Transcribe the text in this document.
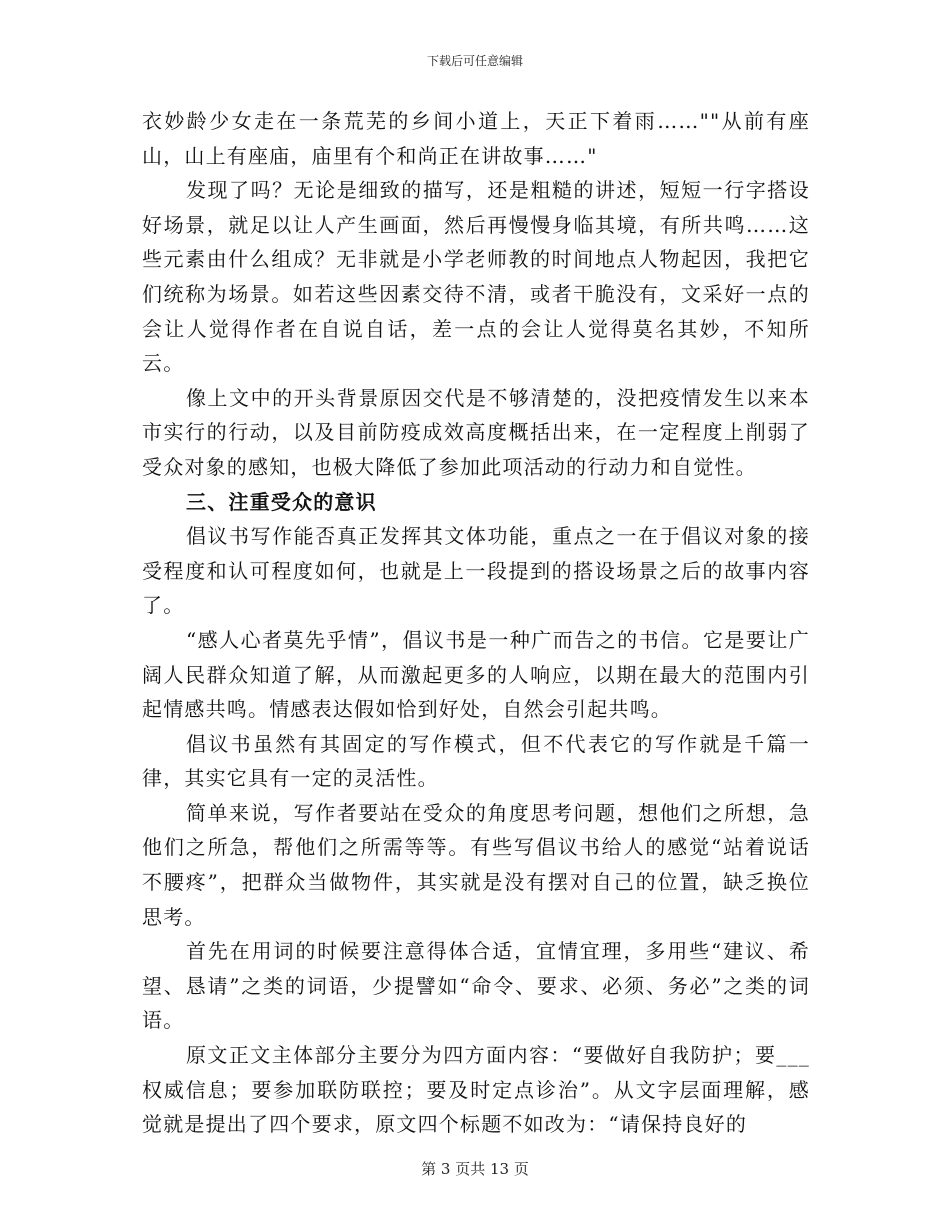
下载后可任意编辑

衣妙龄少女走在一条荒芜的乡间小道上，天正下着雨……""从前有座山，山上有座庙，庙里有个和尚正在讲故事……"

发现了吗？无论是细致的描写，还是粗糙的讲述，短短一行字搭设好场景，就足以让人产生画面，然后再慢慢身临其境，有所共鸣……这些元素由什么组成？无非就是小学老师教的时间地点人物起因，我把它们统称为场景。如若这些因素交待不清，或者干脆没有，文采好一点的会让人觉得作者在自说自话，差一点的会让人觉得莫名其妙，不知所云。

像上文中的开头背景原因交代是不够清楚的，没把疫情发生以来本市实行的行动，以及目前防疫成效高度概括出来，在一定程度上削弱了受众对象的感知，也极大降低了参加此项活动的行动力和自觉性。

三、注重受众的意识

倡议书写作能否真正发挥其文体功能，重点之一在于倡议对象的接受程度和认可程度如何，也就是上一段提到的搭设场景之后的故事内容了。

“感人心者莫先乎情”，倡议书是一种广而告之的书信。它是要让广阔人民群众知道了解，从而激起更多的人响应，以期在最大的范围内引起情感共鸣。情感表达假如恰到好处，自然会引起共鸣。

倡议书虽然有其固定的写作模式，但不代表它的写作就是千篇一律，其实它具有一定的灵活性。

简单来说，写作者要站在受众的角度思考问题，想他们之所想，急他们之所急，帮他们之所需等等。有些写倡议书给人的感觉“站着说话不腰疼”，把群众当做物件，其实就是没有摆对自己的位置，缺乏换位思考。

首先在用词的时候要注意得体合适，宜情宜理，多用些“建议、希望、恳请”之类的词语，少提譬如“命令、要求、必须、务必”之类的词语。

原文正文主体部分主要分为四方面内容：“要做好自我防护；要___权威信息；要参加联防联控；要及时定点诊治”。从文字层面理解，感觉就是提出了四个要求，原文四个标题不如改为：“请保持良好的

第 3 页共 13 页
